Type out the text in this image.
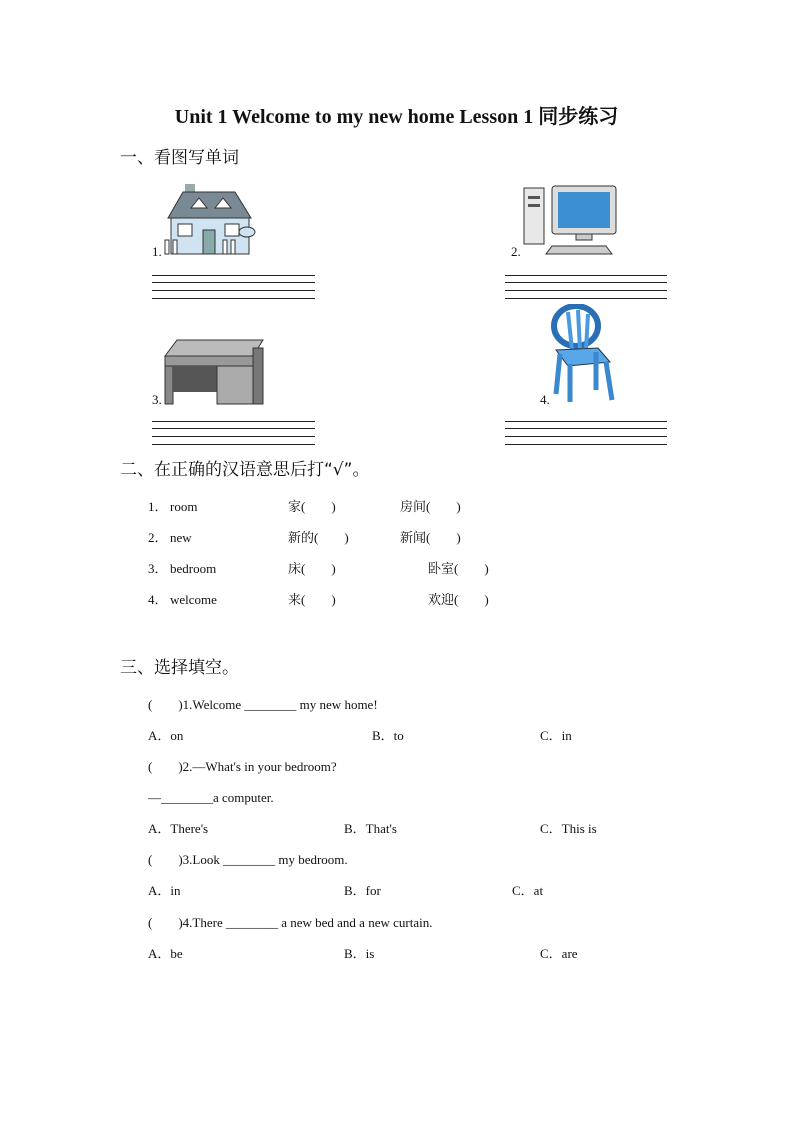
Unit 1 Welcome to my new home Lesson 1 同步练习
一、看图写单词
1.	2.
3.	4.
二、在正确的汉语意思后打“√”。
1． room	家(　　)	房间(　　)
2． new	新的(　　)	新闻(　　)
3． bedroom	床(　　)	卧室(　　)
4． welcome	来(　　)	欢迎(　　)
三、选择填空。
(　　)1.Welcome ________ my new home!
A．on	B．to	C．in
(　　)2.—What's in your bedroom?
—________a computer.
A．There's	B．That's	C．This is
(　　)3.Look ________ my bedroom.
A．in	B．for	C．at
(　　)4.There ________ a new bed and a new curtain.
A．be	B．is	C．are
